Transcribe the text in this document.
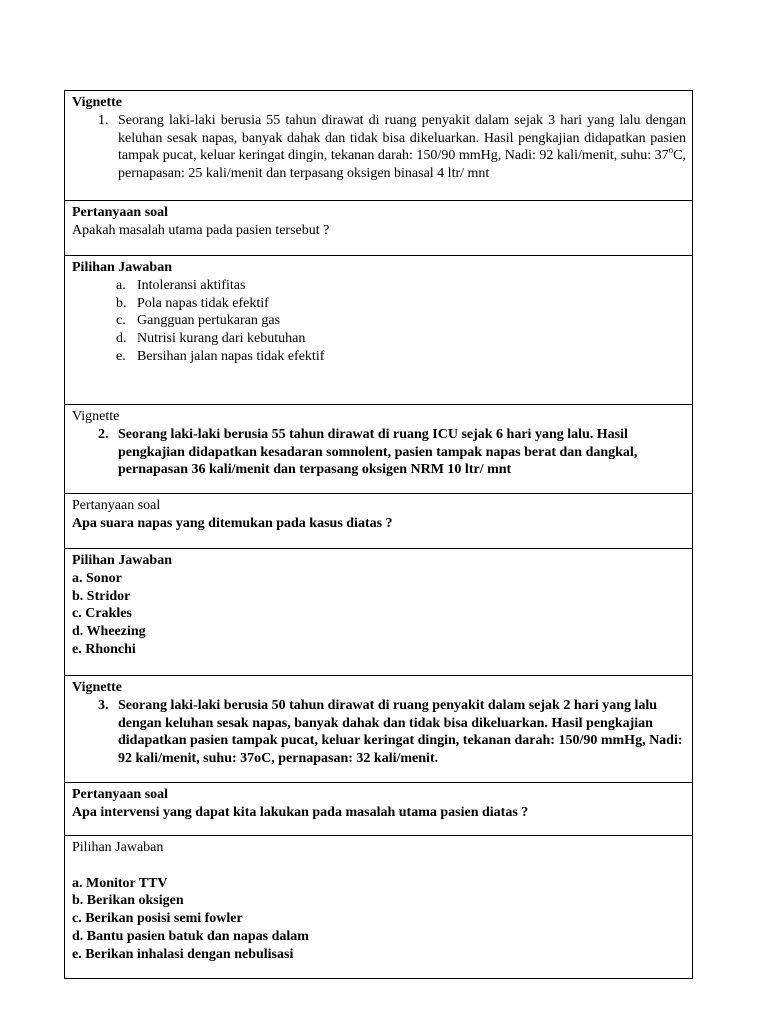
Vignette
1. Seorang laki-laki berusia 55 tahun dirawat di ruang penyakit dalam sejak 3 hari yang lalu dengan keluhan sesak napas, banyak dahak dan tidak bisa dikeluarkan. Hasil pengkajian didapatkan pasien tampak pucat, keluar keringat dingin, tekanan darah: 150/90 mmHg, Nadi: 92 kali/menit, suhu: 37$^o$C, pernapasan: 25 kali/menit dan terpasang oksigen binasal 4 ltr/ mnt

Pertanyaan soal
Apakah masalah utama pada pasien tersebut ?

Pilihan Jawaban
a. Intoleransi aktifitas
b. Pola napas tidak efektif
c. Gangguan pertukaran gas
d. Nutrisi kurang dari kebutuhan
e. Bersihan jalan napas tidak efektif

Vignette
2. Seorang laki-laki berusia 55 tahun dirawat di ruang ICU sejak 6 hari yang lalu. Hasil pengkajian didapatkan kesadaran somnolent, pasien tampak napas berat dan dangkal, pernapasan 36 kali/menit dan terpasang oksigen NRM 10 ltr/ mnt

Pertanyaan soal
Apa suara napas yang ditemukan pada kasus diatas ?

Pilihan Jawaban
a. Sonor
b. Stridor
c. Crakles
d. Wheezing
e. Rhonchi

Vignette
3. Seorang laki-laki berusia 50 tahun dirawat di ruang penyakit dalam sejak 2 hari yang lalu dengan keluhan sesak napas, banyak dahak dan tidak bisa dikeluarkan. Hasil pengkajian didapatkan pasien tampak pucat, keluar keringat dingin, tekanan darah: 150/90 mmHg, Nadi: 92 kali/menit, suhu: 37oC, pernapasan: 32 kali/menit.

Pertanyaan soal
Apa intervensi yang dapat kita lakukan pada masalah utama pasien diatas ?

Pilihan Jawaban
a. Monitor TTV
b. Berikan oksigen
c. Berikan posisi semi fowler
d. Bantu pasien batuk dan napas dalam
e. Berikan inhalasi dengan nebulisasi
